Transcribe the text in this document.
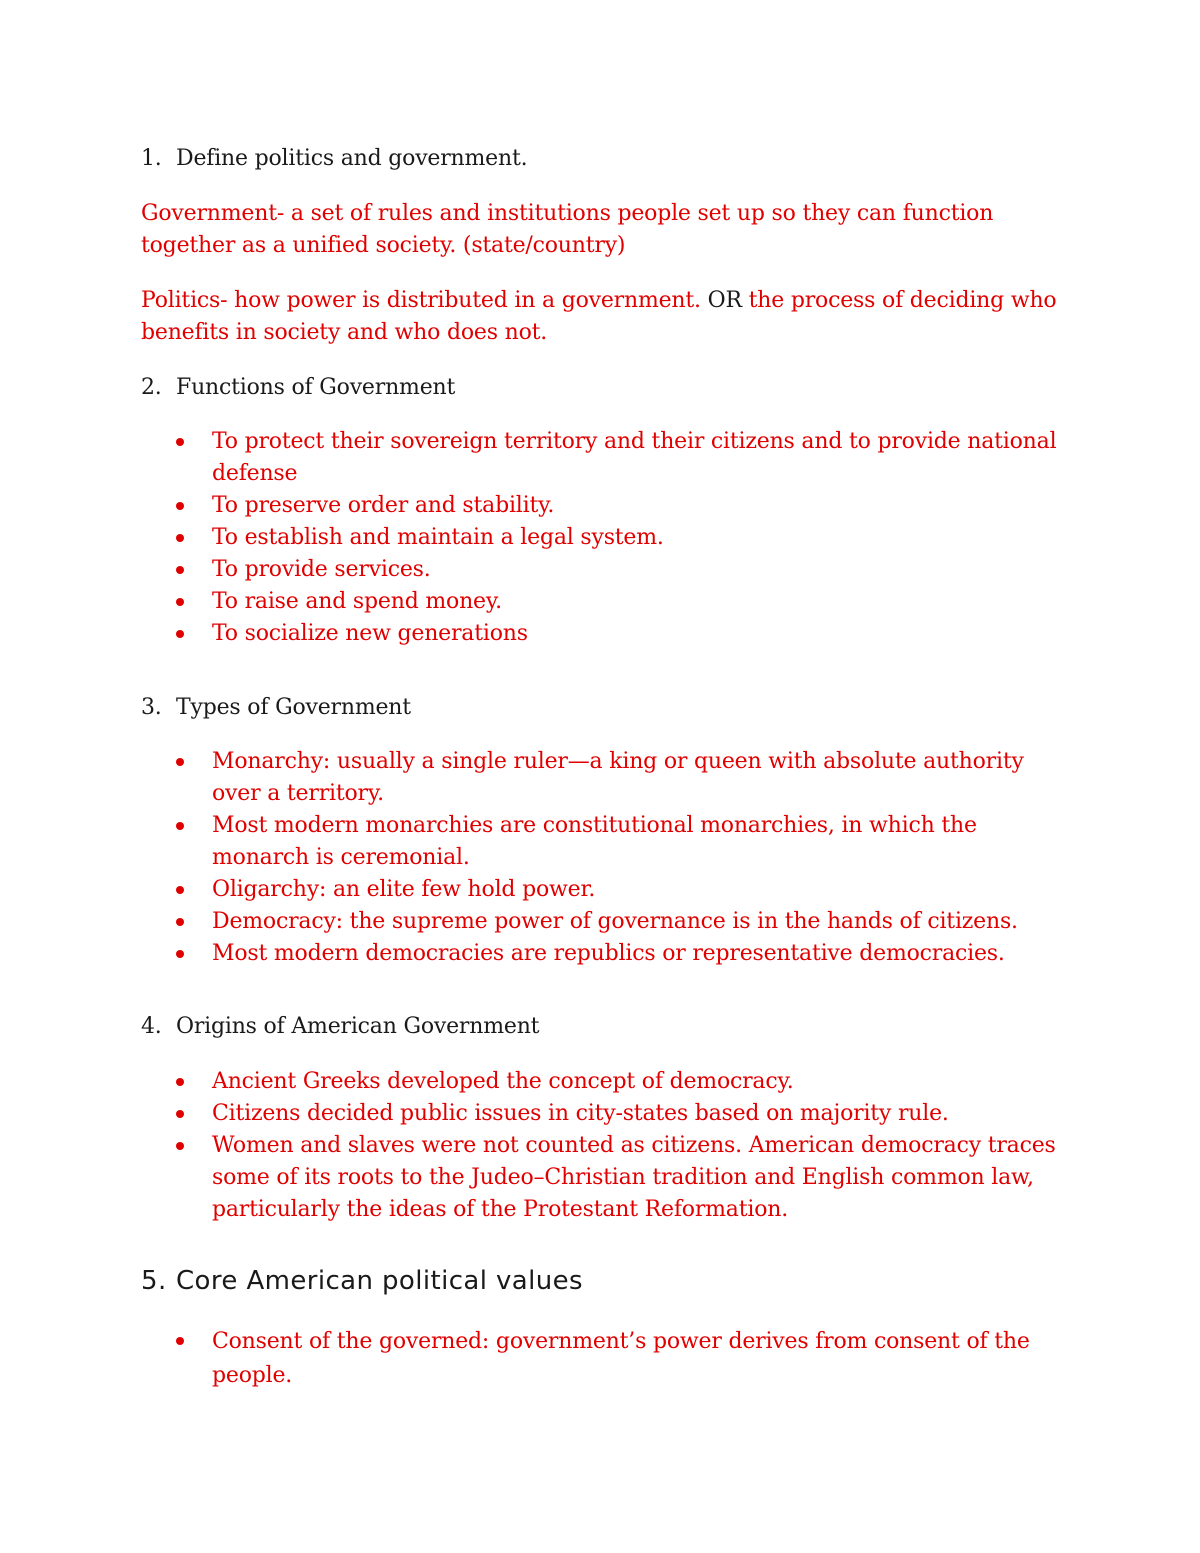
1. Define politics and government.
Government- a set of rules and institutions people set up so they can function together as a unified society. (state/country)
Politics- how power is distributed in a government. OR the process of deciding who benefits in society and who does not.
2. Functions of Government
To protect their sovereign territory and their citizens and to provide national defense
To preserve order and stability.
To establish and maintain a legal system.
To provide services.
To raise and spend money.
To socialize new generations
3. Types of Government
Monarchy: usually a single ruler—a king or queen with absolute authority over a territory.
Most modern monarchies are constitutional monarchies, in which the monarch is ceremonial.
Oligarchy: an elite few hold power.
Democracy: the supreme power of governance is in the hands of citizens.
Most modern democracies are republics or representative democracies.
4. Origins of American Government
Ancient Greeks developed the concept of democracy.
Citizens decided public issues in city-states based on majority rule.
Women and slaves were not counted as citizens. American democracy traces some of its roots to the Judeo–Christian tradition and English common law, particularly the ideas of the Protestant Reformation.
5. Core American political values
Consent of the governed: government’s power derives from consent of the people.
